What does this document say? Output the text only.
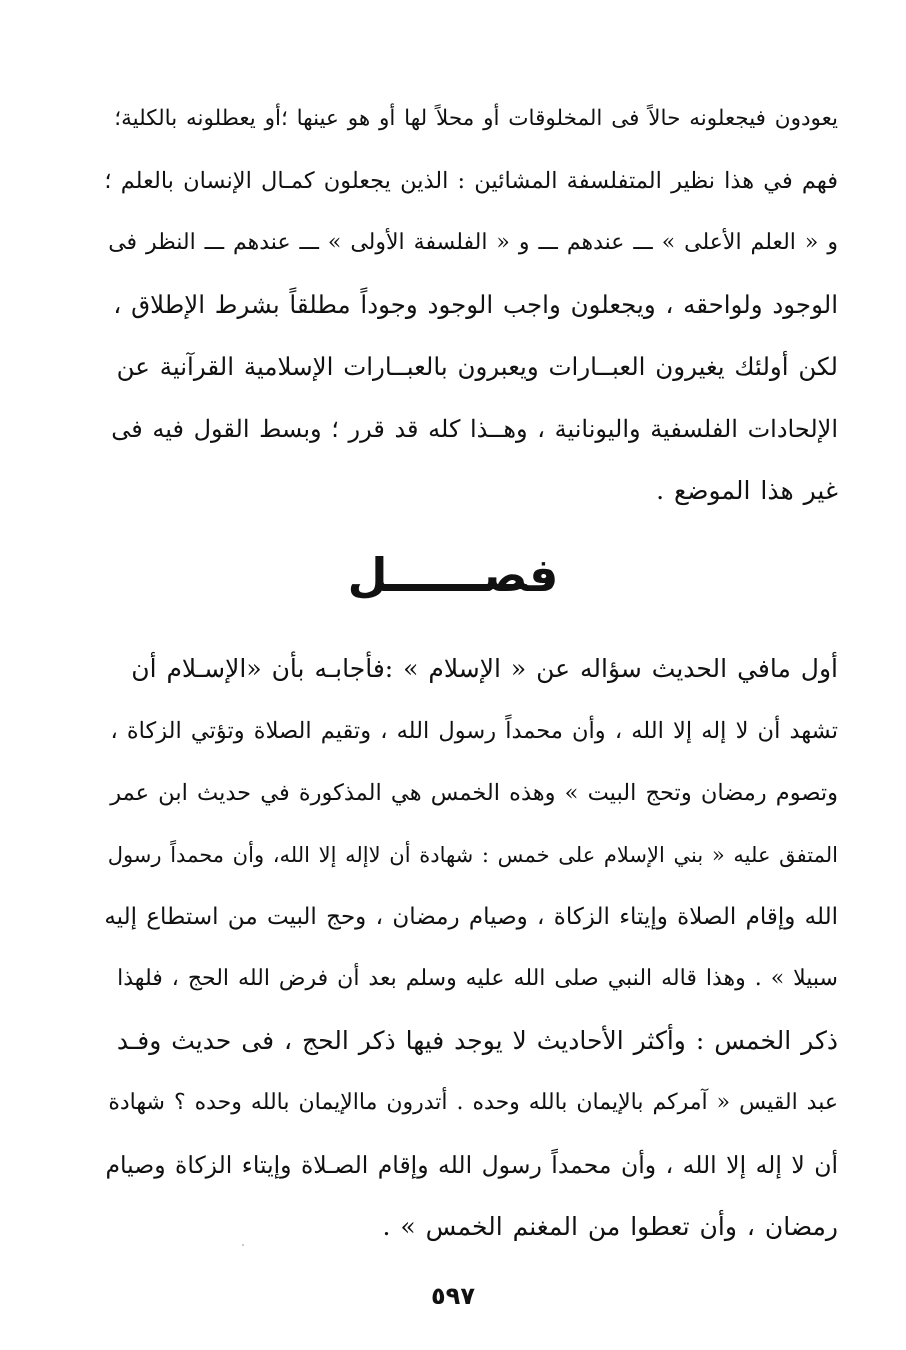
يعودون فيجعلونه حالاً فى المخلوقات أو محلاً لها أو هو عينها ؛أو يعطلونه بالكلية؛
فهم في هذا نظير المتفلسفة المشائين : الذين يجعلون كمـال الإنسان بالعلم ؛
و « العلم الأعلى » ـــ عندهم ـــ و « الفلسفة الأولى » ـــ عندهم ـــ النظر فى
الوجود ولواحقه ، ويجعلون واجب الوجود وجوداً مطلقاً بشرط الإطلاق ،
لكن أولئك يغيرون العبــارات ويعبرون بالعبــارات الإسلامية القرآنية عن
الإلحادات الفلسفية واليونانية ، وهــذا كله قد قرر ؛ وبسط القول فيه فى
غير هذا الموضع .
فصــــــل
أول مافي الحديث سؤاله عن « الإسلام » :فأجابـه بأن «الإسـلام أن
تشهد أن لا إله إلا الله ، وأن محمداً رسول الله ، وتقيم الصلاة وتؤتي الزكاة ،
وتصوم رمضان وتحج البيت » وهذه الخمس هي المذكورة في حديث ابن عمر
المتفق عليه « بني الإسلام على خمس : شهادة أن لاإله إلا الله، وأن محمداً رسول
الله وإقام الصلاة وإيتاء الزكاة ، وصيام رمضان ، وحج البيت من استطاع إليه
سبيلا » . وهذا قاله النبي صلى الله عليه وسلم بعد أن فرض الله الحج ، فلهذا
ذكر الخمس : وأكثر الأحاديث لا يوجد فيها ذكر الحج ، فى حديث وفـد
عبد القيس « آمركم بالإيمان بالله وحده . أتدرون ماالإيمان بالله وحده ؟ شهادة
أن لا إله إلا الله ، وأن محمداً رسول الله وإقام الصـلاة وإيتاء الزكاة وصيام
رمضان ، وأن تعطوا من المغنم الخمس » .
٥٩٧
